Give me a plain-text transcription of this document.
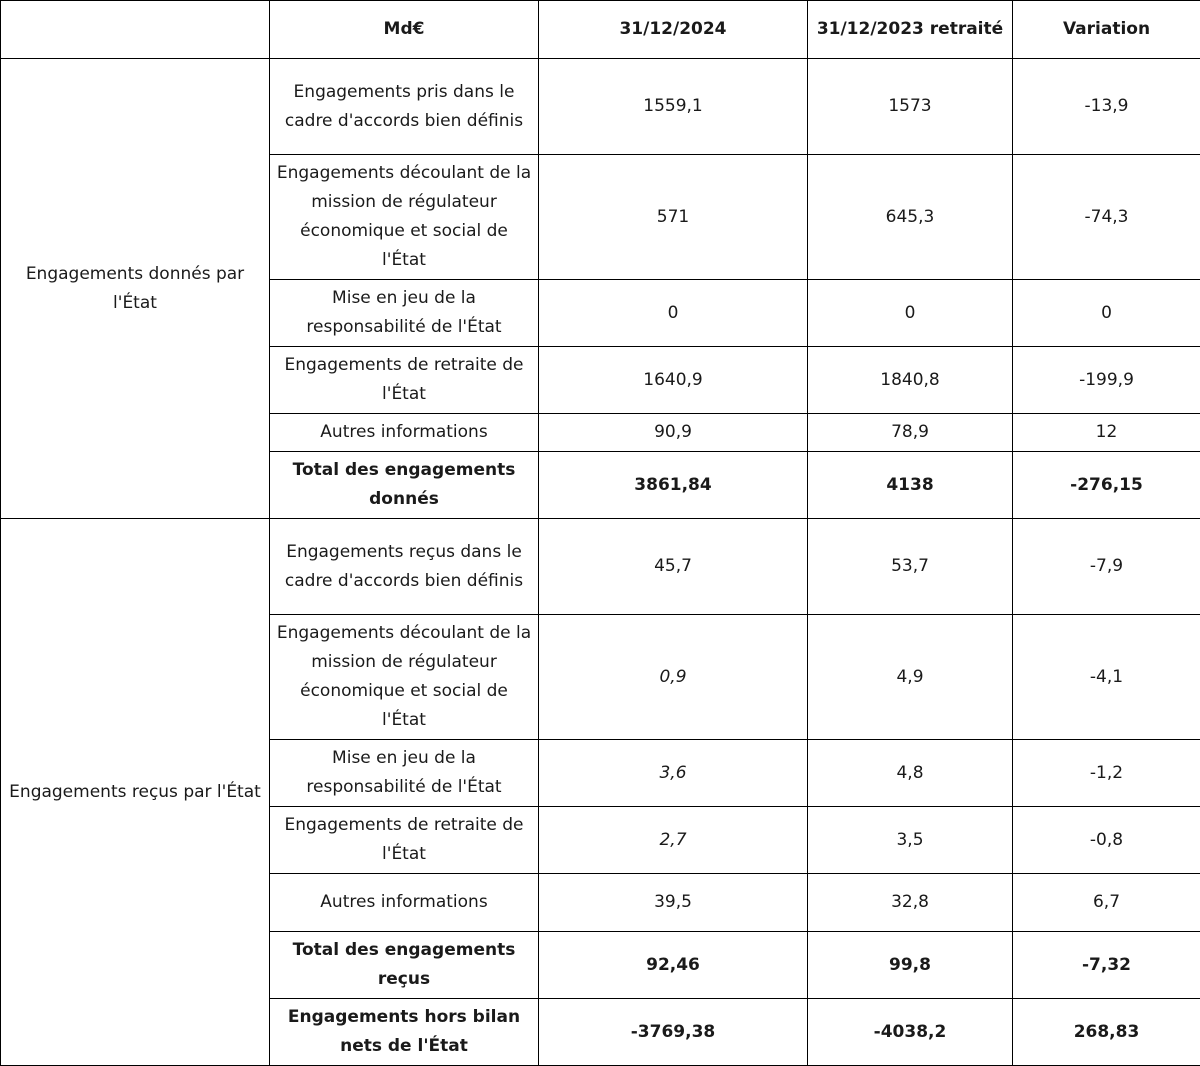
	Md€	31/12/2024	31/12/2023 retraité	Variation
Engagements donnés par l'État	Engagements pris dans le cadre d'accords bien définis	1559,1	1573	-13,9
	Engagements découlant de la mission de régulateur économique et social de l'État	571	645,3	-74,3
	Mise en jeu de la responsabilité de l'État	0	0	0
	Engagements de retraite de l'État	1640,9	1840,8	-199,9
	Autres informations	90,9	78,9	12
	Total des engagements donnés	3861,84	4138	-276,15
Engagements reçus par l'État	Engagements reçus dans le cadre d'accords bien définis	45,7	53,7	-7,9
	Engagements découlant de la mission de régulateur économique et social de l'État	0,9	4,9	-4,1
	Mise en jeu de la responsabilité de l'État	3,6	4,8	-1,2
	Engagements de retraite de l'État	2,7	3,5	-0,8
	Autres informations	39,5	32,8	6,7
	Total des engagements reçus	92,46	99,8	-7,32
	Engagements hors bilan nets de l'État	-3769,38	-4038,2	268,83
